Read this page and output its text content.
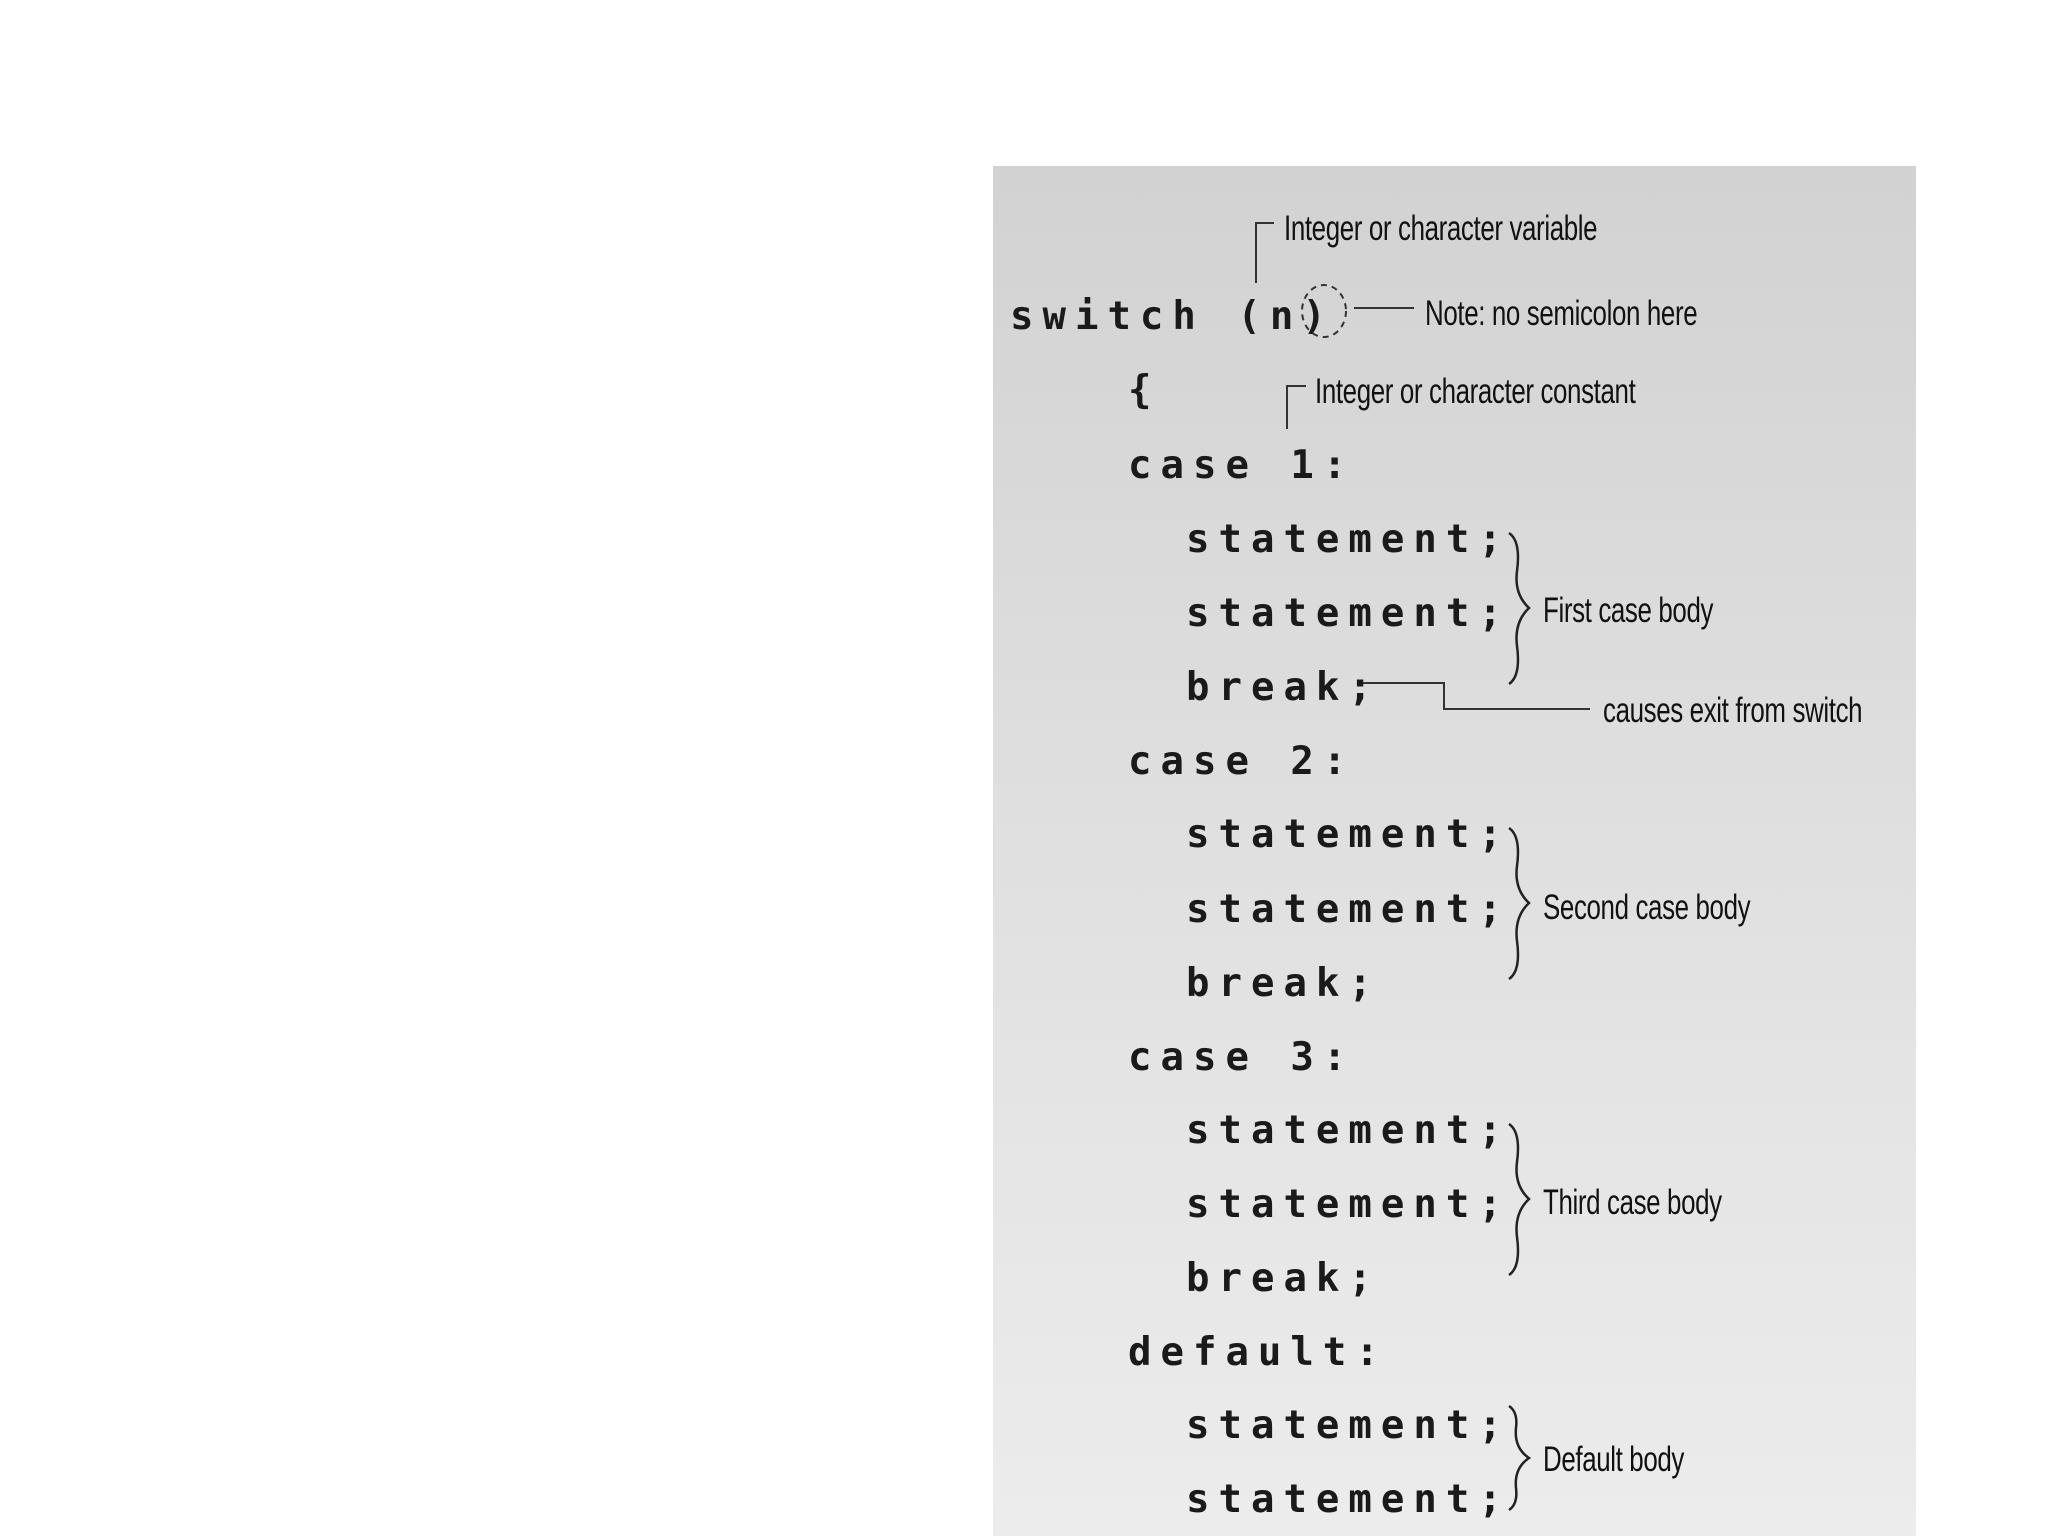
switch (n)
{
case 1:
statement;
statement;
break;
case 2:
statement;
statement;
break;
case 3:
statement;
statement;
break;
default:
statement;
statement;
Integer or character variable
Note: no semicolon here
Integer or character constant
First case body
causes exit from switch
Second case body
Third case body
Default body
